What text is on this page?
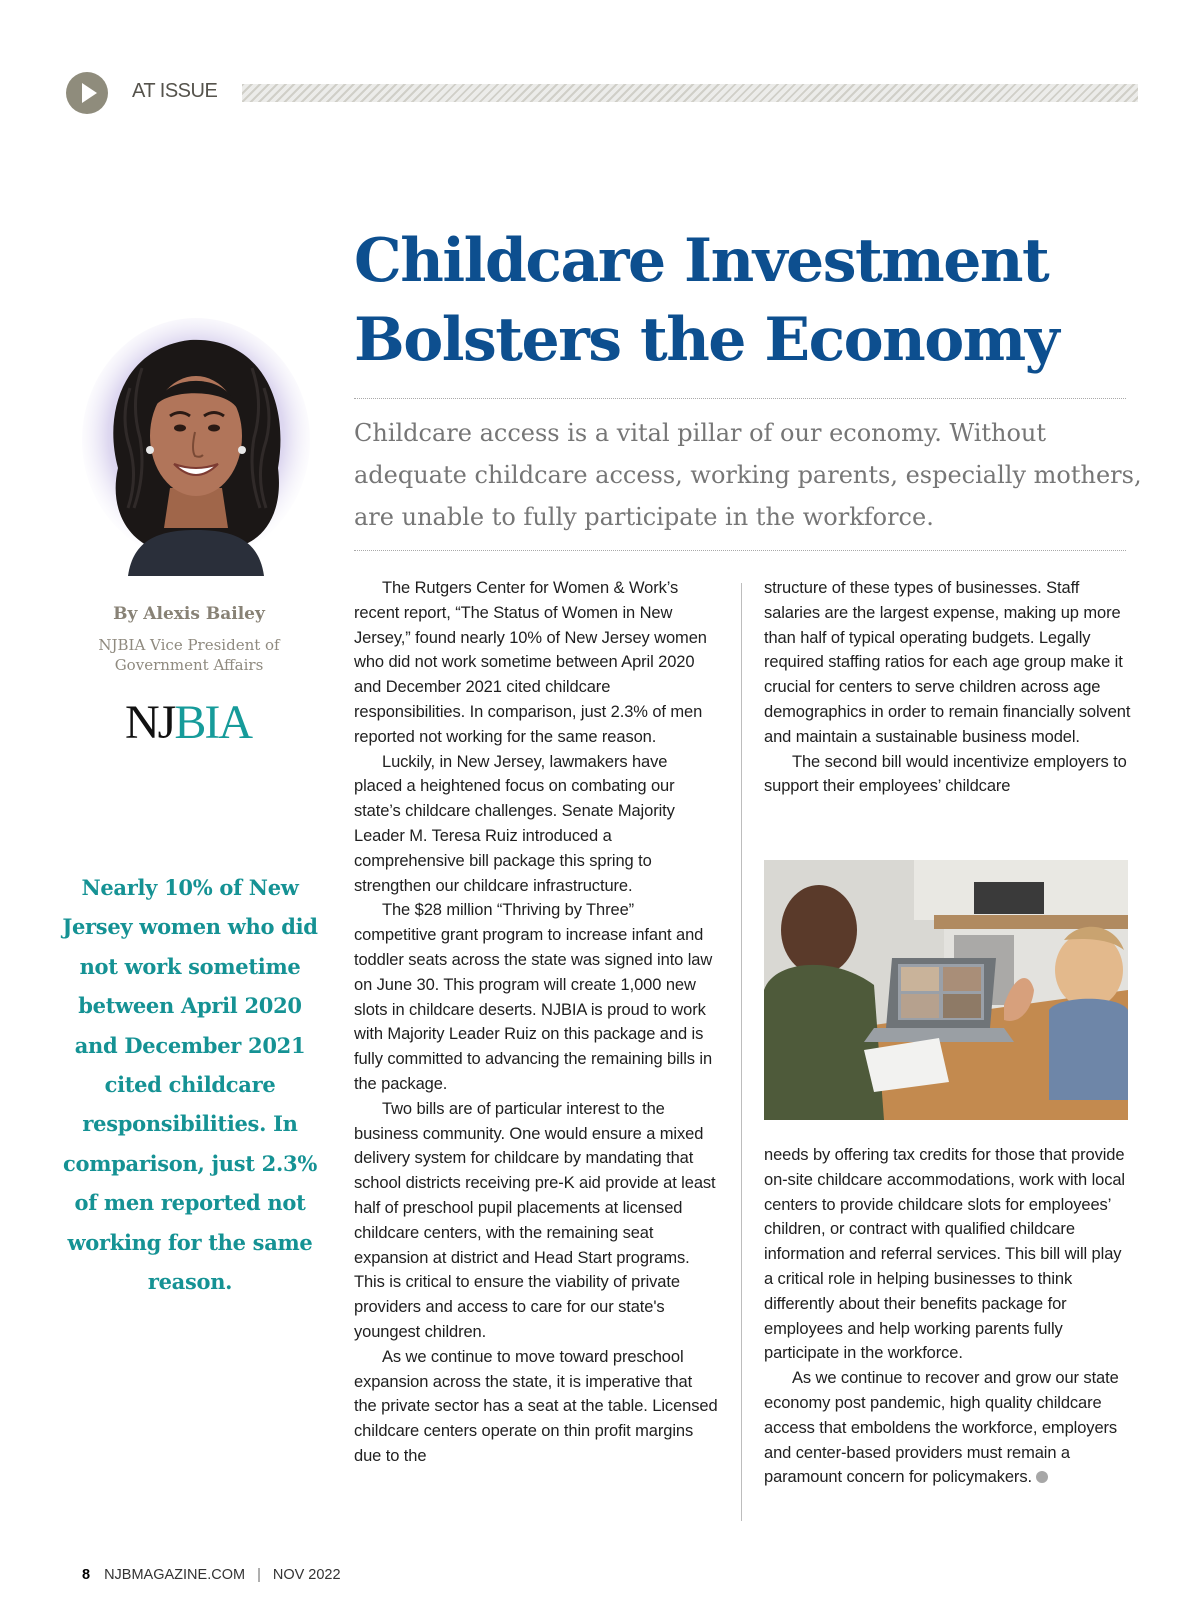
AT ISSUE
Childcare Investment
Bolsters the Economy

Childcare access is a vital pillar of our economy. Without adequate childcare access, working parents, especially mothers, are unable to fully participate in the workforce.

By Alexis Bailey
NJBIA Vice President of Government Affairs
NJBIA

Nearly 10% of New Jersey women who did not work sometime between April 2020 and December 2021 cited childcare responsibilities. In comparison, just 2.3% of men reported not working for the same reason.

The Rutgers Center for Women & Work’s recent report, “The Status of Women in New Jersey,” found nearly 10% of New Jersey women who did not work sometime between April 2020 and December 2021 cited childcare responsibilities. In comparison, just 2.3% of men reported not working for the same reason.

Luckily, in New Jersey, lawmakers have placed a heightened focus on combating our state’s childcare challenges. Senate Majority Leader M. Teresa Ruiz introduced a comprehensive bill package this spring to strengthen our childcare infrastructure.

The $28 million “Thriving by Three” competitive grant program to increase infant and toddler seats across the state was signed into law on June 30. This program will create 1,000 new slots in childcare deserts. NJBIA is proud to work with Majority Leader Ruiz on this package and is fully committed to advancing the remaining bills in the package.

Two bills are of particular interest to the business community. One would ensure a mixed delivery system for childcare by mandating that school districts receiving pre-K aid provide at least half of preschool pupil placements at licensed childcare centers, with the remaining seat expansion at district and Head Start programs. This is critical to ensure the viability of private providers and access to care for our state's youngest children.

As we continue to move toward preschool expansion across the state, it is imperative that the private sector has a seat at the table. Licensed childcare centers operate on thin profit margins due to the

structure of these types of businesses. Staff salaries are the largest expense, making up more than half of typical operating budgets. Legally required staffing ratios for each age group make it crucial for centers to serve children across age demographics in order to remain financially solvent and maintain a sustainable business model.

The second bill would incentivize employers to support their employees’ childcare

needs by offering tax credits for those that provide on-site childcare accommodations, work with local centers to provide childcare slots for employees’ children, or contract with qualified childcare information and referral services. This bill will play a critical role in helping businesses to think differently about their benefits package for employees and help working parents fully participate in the workforce.

As we continue to recover and grow our state economy post pandemic, high quality childcare access that emboldens the workforce, employers and center-based providers must remain a paramount concern for policymakers.

8 NJBMAGAZINE.COM | NOV 2022
